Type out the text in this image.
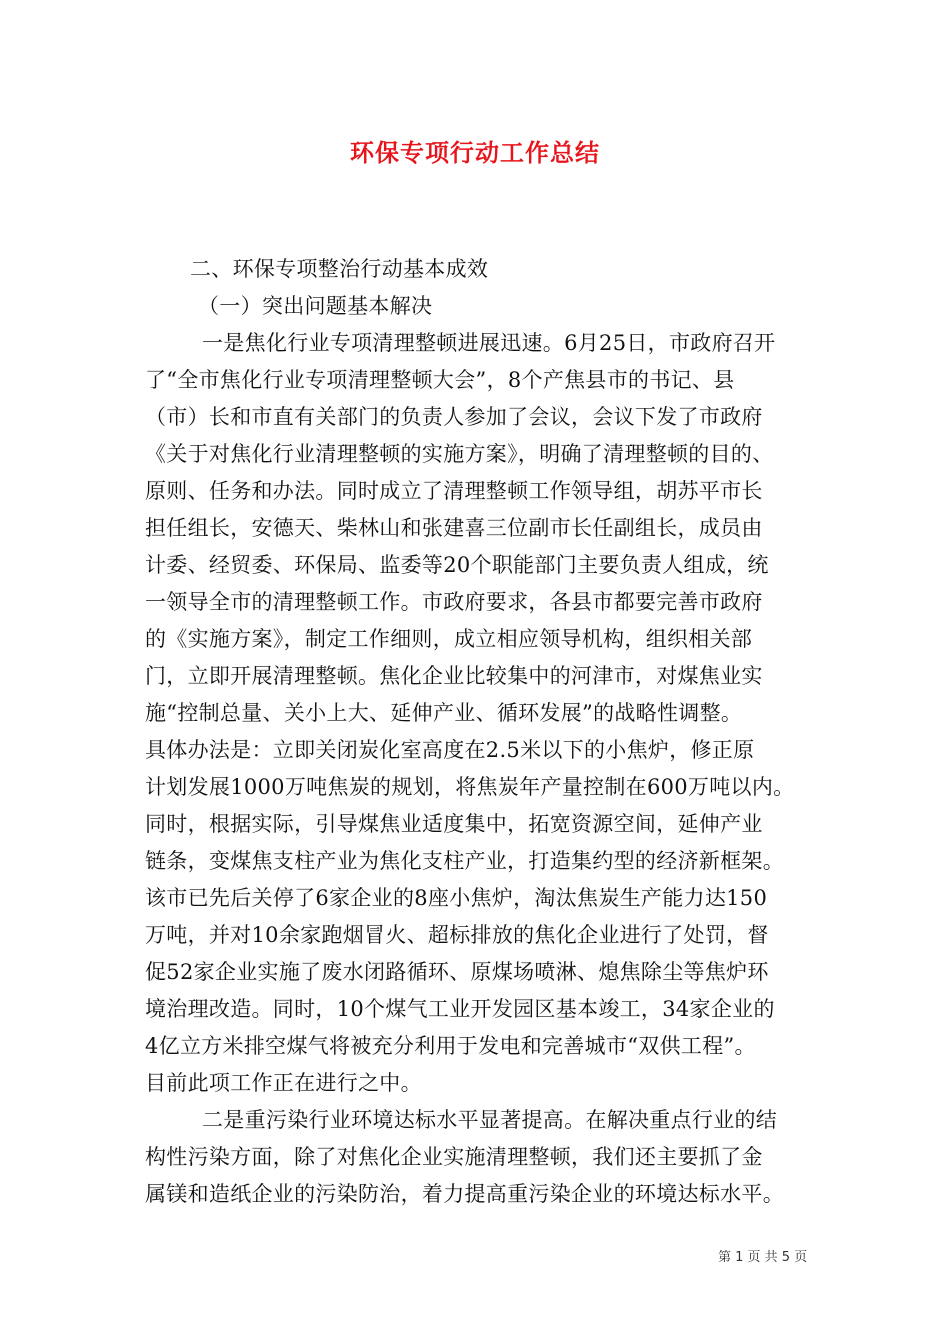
环保专项行动工作总结
二、环保专项整治行动基本成效
（一）突出问题基本解决
一是焦化行业专项清理整顿进展迅速。6月25日，市政府召开
了“全市焦化行业专项清理整顿大会”，8个产焦县市的书记、县
（市）长和市直有关部门的负责人参加了会议，会议下发了市政府
《关于对焦化行业清理整顿的实施方案》，明确了清理整顿的目的、
原则、任务和办法。同时成立了清理整顿工作领导组，胡苏平市长
担任组长，安德天、柴林山和张建喜三位副市长任副组长，成员由
计委、经贸委、环保局、监委等20个职能部门主要负责人组成，统
一领导全市的清理整顿工作。市政府要求，各县市都要完善市政府
的《实施方案》，制定工作细则，成立相应领导机构，组织相关部
门，立即开展清理整顿。焦化企业比较集中的河津市，对煤焦业实
施“控制总量、关小上大、延伸产业、循环发展”的战略性调整。
具体办法是：立即关闭炭化室高度在2.5米以下的小焦炉，修正原
计划发展1000万吨焦炭的规划，将焦炭年产量控制在600万吨以内。
同时，根据实际，引导煤焦业适度集中，拓宽资源空间，延伸产业
链条，变煤焦支柱产业为焦化支柱产业，打造集约型的经济新框架。
该市已先后关停了6家企业的8座小焦炉，淘汰焦炭生产能力达150
万吨，并对10余家跑烟冒火、超标排放的焦化企业进行了处罚，督
促52家企业实施了废水闭路循环、原煤场喷淋、熄焦除尘等焦炉环
境治理改造。同时，10个煤气工业开发园区基本竣工，34家企业的
4亿立方米排空煤气将被充分利用于发电和完善城市“双供工程”。
目前此项工作正在进行之中。
二是重污染行业环境达标水平显著提高。在解决重点行业的结
构性污染方面，除了对焦化企业实施清理整顿，我们还主要抓了金
属镁和造纸企业的污染防治，着力提高重污染企业的环境达标水平。
第 1 页 共 5 页
